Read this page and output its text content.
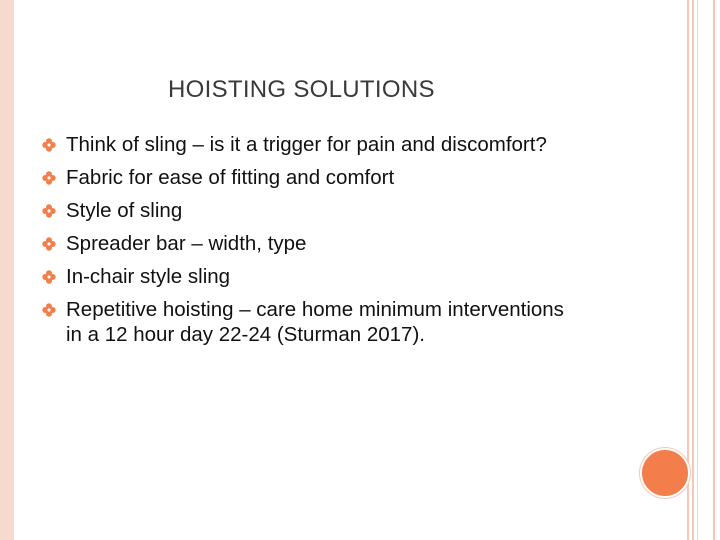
HOISTING SOLUTIONS
Think of sling – is it a trigger for pain and discomfort?
Fabric for ease of fitting and comfort
Style of sling
Spreader bar – width, type
In-chair style sling
Repetitive hoisting – care home minimum interventions in a 12 hour day 22-24 (Sturman 2017).
